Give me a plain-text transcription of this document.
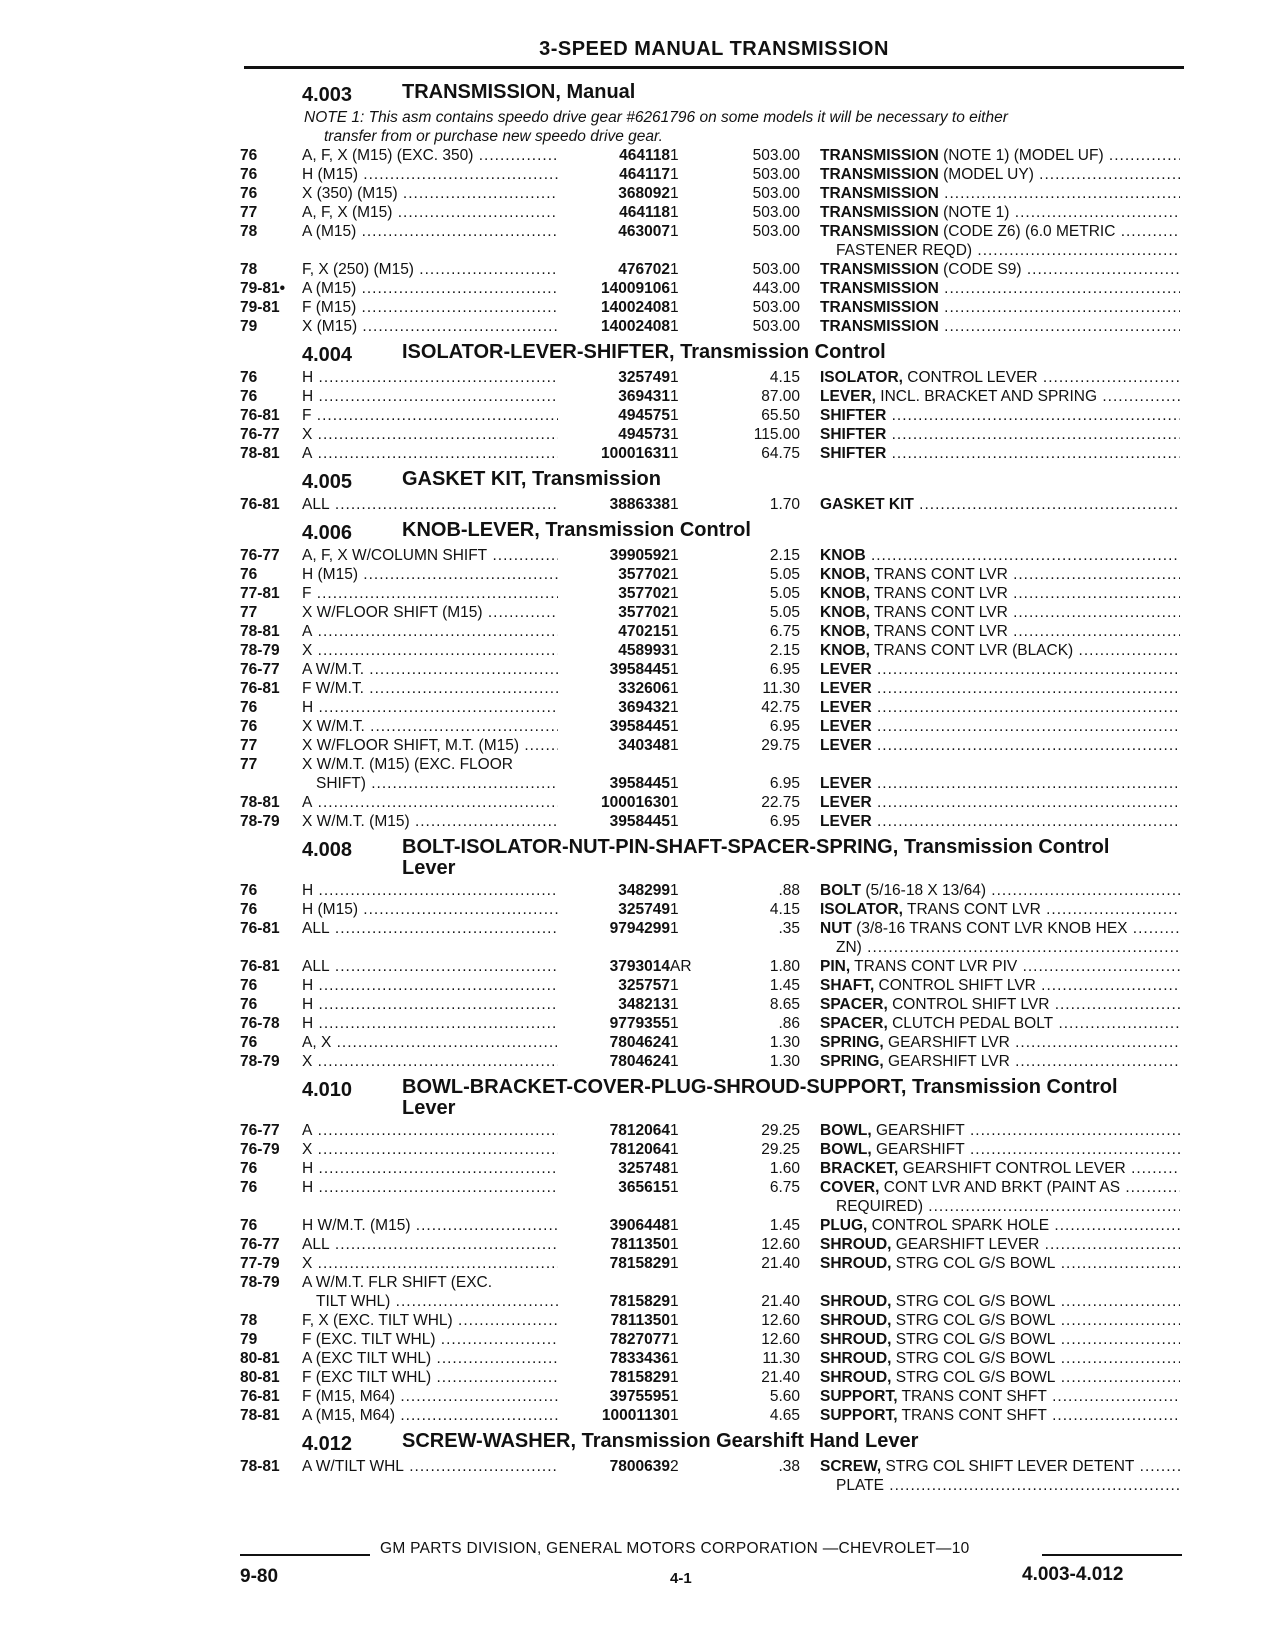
3-SPEED MANUAL TRANSMISSION
4.003 TRANSMISSION, Manual
NOTE 1: This asm contains speedo drive gear #6261796 on some models it will be necessary to either
transfer from or purchase new speedo drive gear.
76	A, F, X (M15) (EXC. 350) .....	464118 1	503.00 TRANSMISSION (NOTE 1) (MODEL UF) .....
76	H (M15) .....	464117 1	503.00 TRANSMISSION (MODEL UY) .....
76	X (350) (M15) .....	368092 1	503.00 TRANSMISSION .....
77	A, F, X (M15) .....	464118 1	503.00 TRANSMISSION (NOTE 1) .....
78	A (M15) .....	463007 1	503.00 TRANSMISSION (CODE Z6) (6.0 METRIC .....
FASTENER REQD) .....
78	F, X (250) (M15) .....	476702 1	503.00 TRANSMISSION (CODE S9) .....
79-81•	A (M15) .....	14009106 1	443.00 TRANSMISSION .....
79-81	F (M15) .....	14002408 1	503.00 TRANSMISSION .....
79	X (M15) .....	14002408 1	503.00 TRANSMISSION .....
4.004 ISOLATOR-LEVER-SHIFTER, Transmission Control
76	H .....	325749 1	4.15 ISOLATOR, CONTROL LEVER .....
76	H .....	369431 1	87.00 LEVER, INCL. BRACKET AND SPRING .....
76-81	F .....	494575 1	65.50 SHIFTER .....
76-77	X .....	494573 1	115.00 SHIFTER .....
78-81	A .....	10001631 1	64.75 SHIFTER .....
4.005 GASKET KIT, Transmission
76-81	ALL .....	3886338 1	1.70 GASKET KIT .....
4.006 KNOB-LEVER, Transmission Control
76-77	A, F, X W/COLUMN SHIFT .....	3990592 1	2.15 KNOB .....
76	H (M15) .....	357702 1	5.05 KNOB, TRANS CONT LVR .....
77-81	F .....	357702 1	5.05 KNOB, TRANS CONT LVR .....
77	X W/FLOOR SHIFT (M15) .....	357702 1	5.05 KNOB, TRANS CONT LVR .....
78-81	A .....	470215 1	6.75 KNOB, TRANS CONT LVR .....
78-79	X .....	458993 1	2.15 KNOB, TRANS CONT LVR (BLACK) .....
76-77	A W/M.T. .....	3958445 1	6.95 LEVER .....
76-81	F W/M.T. .....	332606 1	11.30 LEVER .....
76	H .....	369432 1	42.75 LEVER .....
76	X W/M.T. .....	3958445 1	6.95 LEVER .....
77	X W/FLOOR SHIFT, M.T. (M15) .....	340348 1	29.75 LEVER .....
77	X W/M.T. (M15) (EXC. FLOOR
SHIFT) .....	3958445 1	6.95 LEVER .....
78-81	A .....	10001630 1	22.75 LEVER .....
78-79	X W/M.T. (M15) .....	3958445 1	6.95 LEVER .....
4.008 BOLT-ISOLATOR-NUT-PIN-SHAFT-SPACER-SPRING, Transmission Control Lever
76	H .....	348299 1	.88 BOLT (5/16-18 X 13/64) .....
76	H (M15) .....	325749 1	4.15 ISOLATOR, TRANS CONT LVR .....
76-81	ALL .....	9794299 1	.35 NUT (3/8-16 TRANS CONT LVR KNOB HEX .....
ZN) .....
76-81	ALL .....	3793014 AR	1.80 PIN, TRANS CONT LVR PIV .....
76	H .....	325757 1	1.45 SHAFT, CONTROL SHIFT LVR .....
76	H .....	348213 1	8.65 SPACER, CONTROL SHIFT LVR .....
76-78	H .....	9779355 1	.86 SPACER, CLUTCH PEDAL BOLT .....
76	A, X .....	7804624 1	1.30 SPRING, GEARSHIFT LVR .....
78-79	X .....	7804624 1	1.30 SPRING, GEARSHIFT LVR .....
4.010 BOWL-BRACKET-COVER-PLUG-SHROUD-SUPPORT, Transmission Control Lever
76-77	A .....	7812064 1	29.25 BOWL, GEARSHIFT .....
76-79	X .....	7812064 1	29.25 BOWL, GEARSHIFT .....
76	H .....	325748 1	1.60 BRACKET, GEARSHIFT CONTROL LEVER .....
76	H .....	365615 1	6.75 COVER, CONT LVR AND BRKT (PAINT AS .....
REQUIRED) .....
76	H W/M.T. (M15) .....	3906448 1	1.45 PLUG, CONTROL SPARK HOLE .....
76-77	ALL .....	7811350 1	12.60 SHROUD, GEARSHIFT LEVER .....
77-79	X .....	7815829 1	21.40 SHROUD, STRG COL G/S BOWL .....
78-79	A W/M.T. FLR SHIFT (EXC.
TILT WHL) .....	7815829 1	21.40 SHROUD, STRG COL G/S BOWL .....
78	F, X (EXC. TILT WHL) .....	7811350 1	12.60 SHROUD, STRG COL G/S BOWL .....
79	F (EXC. TILT WHL) .....	7827077 1	12.60 SHROUD, STRG COL G/S BOWL .....
80-81	A (EXC TILT WHL) .....	7833436 1	11.30 SHROUD, STRG COL G/S BOWL .....
80-81	F (EXC TILT WHL) .....	7815829 1	21.40 SHROUD, STRG COL G/S BOWL .....
76-81	F (M15, M64) .....	3975595 1	5.60 SUPPORT, TRANS CONT SHFT .....
78-81	A (M15, M64) .....	10001130 1	4.65 SUPPORT, TRANS CONT SHFT .....
4.012 SCREW-WASHER, Transmission Gearshift Hand Lever
78-81	A W/TILT WHL .....	7800639 2	.38 SCREW, STRG COL SHIFT LEVER DETENT .....
PLATE .....
GM PARTS DIVISION, GENERAL MOTORS CORPORATION —CHEVROLET—10
9-80	4-1	4.003-4.012
